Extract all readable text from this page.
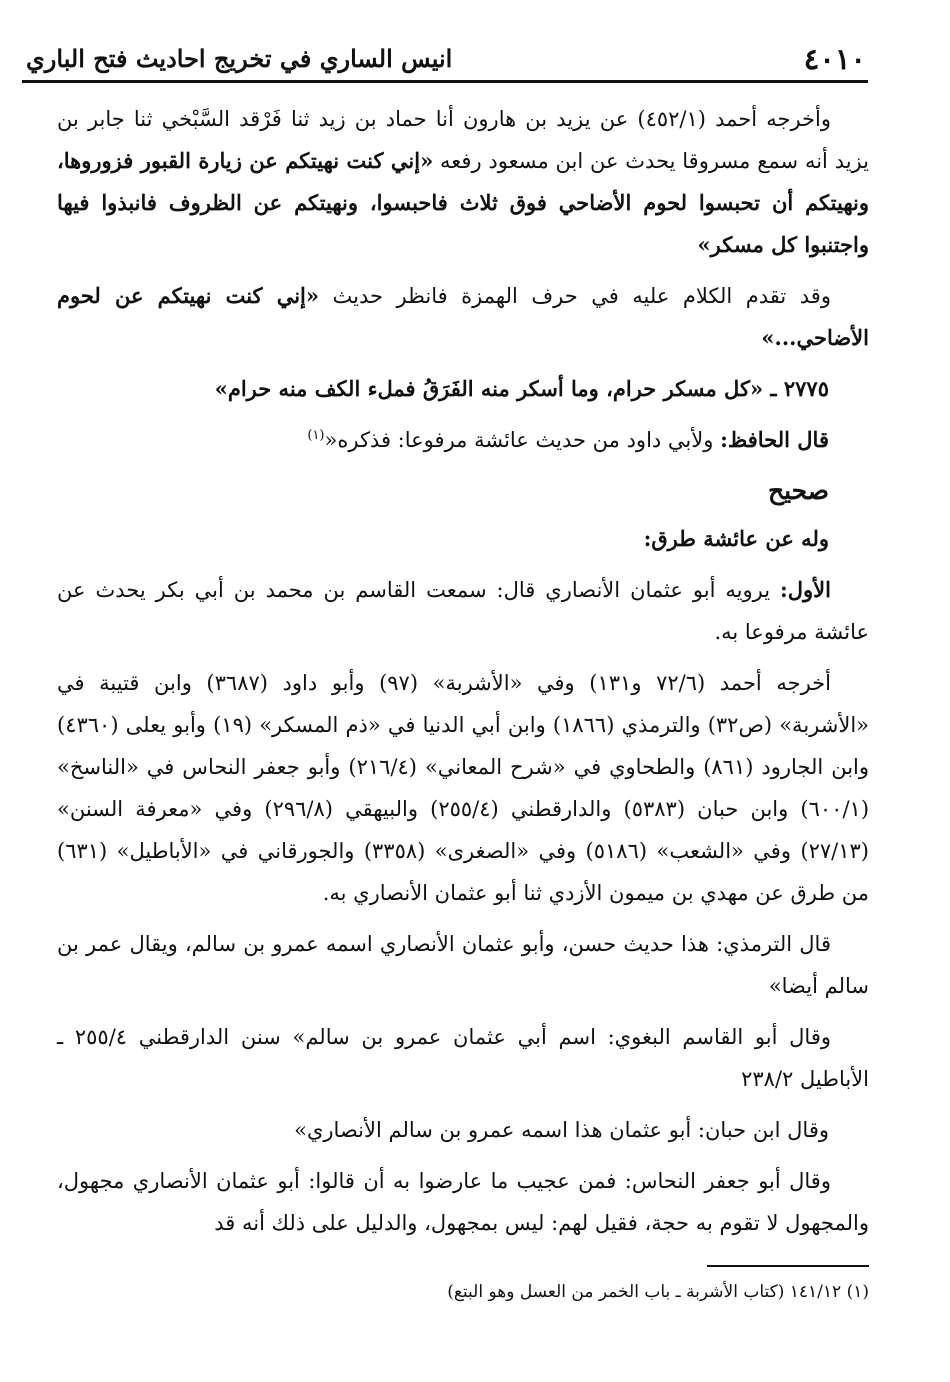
٤٠١٠
انيس الساري في تخريج احاديث فتح الباري

وأخرجه أحمد (٤٥٢/١) عن يزيد بن هارون أنا حماد بن زيد ثنا فَرْقد السَّبْخي ثنا جابر بن يزيد أنه سمع مسروقا يحدث عن ابن مسعود رفعه «إني كنت نهيتكم عن زيارة القبور فزوروها، ونهيتكم أن تحبسوا لحوم الأضاحي فوق ثلاث فاحبسوا، ونهيتكم عن الظروف فانبذوا فيها واجتنبوا كل مسكر»

وقد تقدم الكلام عليه في حرف الهمزة فانظر حديث «إني كنت نهيتكم عن لحوم الأضاحي...»

٢٧٧٥ ـ «كل مسكر حرام، وما أسكر منه الفَرَقُ فملء الكف منه حرام»

قال الحافظ: ولأبي داود من حديث عائشة مرفوعا: فذكره«$^{(١)}$

صحيح

وله عن عائشة طرق:

الأول: يرويه أبو عثمان الأنصاري قال: سمعت القاسم بن محمد بن أبي بكر يحدث عن عائشة مرفوعا به.

أخرجه أحمد (٧٢/٦ و١٣١) وفي «الأشربة» (٩٧) وأبو داود (٣٦٨٧) وابن قتيبة في «الأشربة» (ص٣٢) والترمذي (١٨٦٦) وابن أبي الدنيا في «ذم المسكر» (١٩) وأبو يعلى (٤٣٦٠) وابن الجارود (٨٦١) والطحاوي في «شرح المعاني» (٢١٦/٤) وأبو جعفر النحاس في «الناسخ» (٦٠٠/١) وابن حبان (٥٣٨٣) والدارقطني (٢٥٥/٤) والبيهقي (٢٩٦/٨) وفي «معرفة السنن» (٢٧/١٣) وفي «الشعب» (٥١٨٦) وفي «الصغرى» (٣٣٥٨) والجورقاني في «الأباطيل» (٦٣١) من طرق عن مهدي بن ميمون الأزدي ثنا أبو عثمان الأنصاري به.

قال الترمذي: هذا حديث حسن، وأبو عثمان الأنصاري اسمه عمرو بن سالم، ويقال عمر بن سالم أيضا»

وقال أبو القاسم البغوي: اسم أبي عثمان عمرو بن سالم» سنن الدارقطني ٢٥٥/٤ ـ الأباطيل ٢٣٨/٢

وقال ابن حبان: أبو عثمان هذا اسمه عمرو بن سالم الأنصاري»

وقال أبو جعفر النحاس: فمن عجيب ما عارضوا به أن قالوا: أبو عثمان الأنصاري مجهول، والمجهول لا تقوم به حجة، فقيل لهم: ليس بمجهول، والدليل على ذلك أنه قد

(١) ١٤١/١٢ (كتاب الأشربة ـ باب الخمر من العسل وهو البتع)
